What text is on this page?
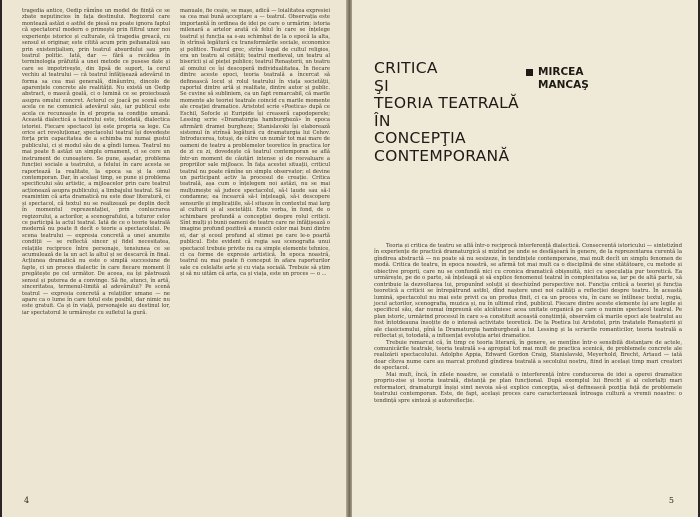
tragedia antice, Oedip rămîne un model de ființă ce se zbate neputincios în fața destinului. Regizorul care montează astăzi o astfel de piesă nu poate ignora faptul că spectatorul modern o primește prin filtrul unor noi experiențe istorice și culturale, că tragedia greacă, cu sensul ei originar, este citită acum prin psihanaliză sau prin existențialism, prin teatrul absurdului sau prin teatrul politic. Iată, dar — fără a recădea în terminologia prăfuită a unei metode ce pusese date și care se impotrivește, din lipsă de suport, la cerul vechiu al teatrului — că teatrul înfățișează adevărul in forma sa cea mai generală, dinăuntru, dincolo de aparențele concrete ale realității. Nu există un Oedip abstract, o mască goală, ci o lumină ce se proiectează asupra omului concret. Actorul ce joacă pe scenă este acela ce ne comunică adevărul său, iar publicul este acela ce recunoaște în el propria sa condiție umană. Această dialectică a teatrului este, totodată, dialectica istoriei. Fiecare spectacol își este propria sa lege. Ca orice act revoluționar, spectacolul teatral își dovedește forța prin capacitatea de a schimba nu numai gustul publicului, ci și modul său de a gîndi lumea. Teatrul nu mai poate fi astăzi un simplu ornament, ci se cere un instrument de cunoaștere. Se pune, așadar, problema funcției sociale a teatrului, a felului în care acesta se raportează la realitate, la epoca sa și la omul contemporan. Dar, în același timp, se pune și problema specificului său artistic, a mijloacelor prin care teatrul acționează asupra publicului, a limbajului teatral. Să ne reamintim că arta dramatică nu este doar literatură, ci și spectacol, că textul nu se realizează pe deplin decît în momentul reprezentației, prin conlucrarea regizorului, a actorilor, a scenografului, a tuturor celor ce participă la actul teatral. Iată de ce o teorie teatrală modernă nu poate fi decît o teorie a spectacolului. Pe scena teatrului — expresia concretă a unei anumite condiții — se reflectă sincer și fidel necesitatea, relațiile reciproce între personaje, tensiunea ce se acumulează de la un act la altul și se descarcă în final. Acțiunea dramatică nu este o simplă succesiune de fapte, ci un proces dialectic în care fiecare moment îl pregătește pe cel următor. De aceea, ea își păstrează sensul și puterea de a convinge. Să fie, atunci, în artă, sinceritatea, termenul-limită al adevărului? Pe scenă teatrul — expresia concretă a relațiilor umane — ne apare ca o lume în care totul este posibil, dar nimic nu este gratuit. Ca și în viață, personajele au destinul lor, iar spectatorul le urmărește cu sufletul la gură.

manuale, fie ceaie, se mașe, adică — loialitatea expresiei sa cea mai bună acceptare a — teatrul. Observația este importantă în ordinea de idei pe care o urmărim: istoria milenară a artelor arată că felul în care se înțelege teatrul și funcția sa s-au schimbat de la o epocă la alta, în strînsă legătură cu transformările sociale, economice și politice. Teatrul grec, strîns legat de cultul religios, era un teatru al cetății; teatrul medieval, un teatru al bisericii și al pieței publice; teatrul Renașterii, un teatru al omului ce își descoperă individualitatea. În fiecare dintre aceste epoci, teoria teatrală a încercat să definească locul și rolul teatrului în viața societății, raportul dintre artă și realitate, dintre autor și public. Se cuvine să subliniem, ca un fapt remarcabil, că marile momente ale teoriei teatrale coincid cu marile momente ale creației dramatice. Aristotel scrie «Poetica» după ce Eschil, Sofocle și Euripide își creaseră capodoperele; Lessing scrie «Dramaturgia hamburgheză» în epoca afirmării dramei burgheze; Stanislavski își elaborează sistemul în strînsă legătură cu dramaturgia lui Cehov. Introducerea, totuși, de către un număr tot mai mare de oameni de teatru a problemelor teoretice în practica lor de zi cu zi, dovedește că teatrul contemporan se află într-un moment de căutări intense și de reevaluare a propriilor sale mijloace. În fața acestei situații, criticul teatral nu poate rămîne un simplu observator; el devine un participant activ la procesul de creație. Critica teatrală, așa cum o înțelegem noi astăzi, nu se mai mulțumește să judece spectacolul, să-l laude sau să-l condamne; ea încearcă să-l înțeleagă, să-i descopere sensurile și implicațiile, să-l situeze în contextul mai larg al culturii și al societății. Este vorba, în fond, de o schimbare profundă a concepției despre rolul criticii. Sînt mulți și bunii oameni de teatru care ne înfățișează o imagine profund pozitivă a muncii celor mai buni dintre ei, dar și ecoul profund al stimei pe care le-o poartă publicul. Este evident că regia sau scenografia unui spectacol trebuie privite nu ca simple elemente tehnice, ci ca forme de expresie artistică. În epoca noastră, teatrul nu mai poate fi conceput în afara raporturilor sale cu celelalte arte și cu viața socială. Trebuie să știm și să nu uităm că arta, ca și viața, este un proces — o ...

4
CRITICA
ŞI
TEORIA TEATRALĂ
ÎN
CONCEPŢIA
CONTEMPORANĂ
MIRCEA
MANCAŞ

Teoria și critica de teatru se află într-o reciprocă interferență dialectică. Consecventă istoricului — sintetizînd în experiențe de practică dramaturgică și mizînd pe unde se desfăşoară în genere, de la reprezentarea curentă la gîndirea abstractă — nu poate să nu sesizeze, în tendințele contemporane, mai mult decît un simplu fenomen de modă. Critica de teatru, în epoca noastră, se afirmă tot mai mult ca o disciplină de sine stătătoare, cu metode și obiective proprii, care nu se confundă nici cu cronica dramatică obișnuită, nici cu speculația pur teoretică. Ea urmărește, pe de o parte, să înțeleagă și să explice fenomenul teatral în complexitatea sa, iar pe de altă parte, să contribuie la dezvoltarea lui, propunînd soluții și deschizînd perspective noi. Funcția critică a teoriei și funcția teoretică a criticii se întrepătrund astfel, dînd naștere unei noi calități a reflecției despre teatru. În această lumină, spectacolul nu mai este privit ca un produs finit, ci ca un proces viu, în care se întîlnesc textul, regia, jocul actorilor, scenografia, muzica și, nu în ultimul rînd, publicul. Fiecare dintre aceste elemente își are legile și specificul său, dar numai împreună ele alcătuiesc acea unitate organică pe care o numim spectacol teatral. Pe plan istoric, urmărind procesul în care s-a constituit această conștiință, observăm că marile epoci ale teatrului au fost întotdeauna însoțite de o intensă activitate teoretică. De la Poetica lui Aristotel, prin tratatele Renașterii și ale clasicismului, pînă la Dramaturgia hamburgheză a lui Lessing și la scrierile romanticilor, teoria teatrală a reflectat și, totodată, a influențat evoluția artei dramatice.

Trebuie remarcat că, în timp ce teoria literară, în genere, se mențîne într-o sensibilă distanțare de actele, comunicările teatrale, teoria teatrală s-a apropiat tot mai mult de practica scenică, de problemele concrete ale realizării spectacolului. Adolphe Appia, Edward Gordon Craig, Stanislavski, Meyerhold, Brecht, Artaud — iată doar cîteva nume care au marcat profund gîndirea teatrală a secolului nostru, fiind în același timp mari creatori de spectacol.

Mai mult, încă, în zilele noastre, se constată o interferență între conducerea de idei a operei dramatice propriu-zise și teoria teatrală, distanță pe plan funcțional. După exemplul lui Brecht și al celorlalți mari reformatori, dramaturgii înșiși simt nevoia să-și explice concepția, să-și definească poziția față de problemele teatrului contemporan. Este, de fapt, același proces care caracterizează întreaga cultură a vremii noastre: o tendință spre sinteză și autoreflecție.

5
